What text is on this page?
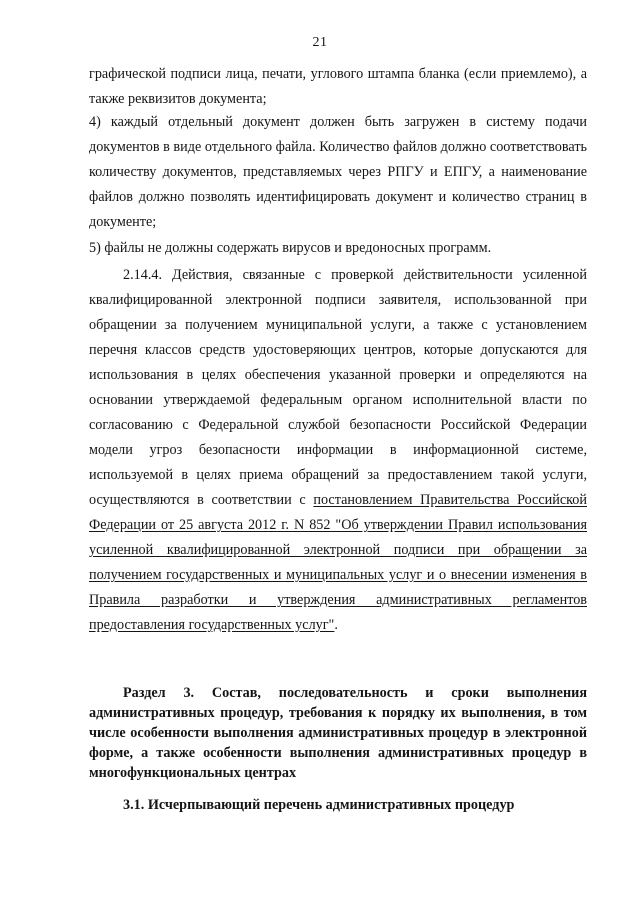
21
графической подписи лица, печати, углового штампа бланка (если приемлемо), а также реквизитов документа;
4) каждый отдельный документ должен быть загружен в систему подачи документов в виде отдельного файла. Количество файлов должно соответствовать количеству документов, представляемых через РПГУ и ЕПГУ, а наименование файлов должно позволять идентифицировать документ и количество страниц в документе;
5) файлы не должны содержать вирусов и вредоносных программ.
2.14.4. Действия, связанные с проверкой действительности усиленной квалифицированной электронной подписи заявителя, использованной при обращении за получением муниципальной услуги, а также с установлением перечня классов средств удостоверяющих центров, которые допускаются для использования в целях обеспечения указанной проверки и определяются на основании утверждаемой федеральным органом исполнительной власти по согласованию с Федеральной службой безопасности Российской Федерации модели угроз безопасности информации в информационной системе, используемой в целях приема обращений за предоставлением такой услуги, осуществляются в соответствии с постановлением Правительства Российской Федерации от 25 августа 2012 г. N 852 "Об утверждении Правил использования усиленной квалифицированной электронной подписи при обращении за получением государственных и муниципальных услуг и о внесении изменения в Правила разработки и утверждения административных регламентов предоставления государственных услуг".
Раздел 3. Состав, последовательность и сроки выполнения административных процедур, требования к порядку их выполнения, в том числе особенности выполнения административных процедур в электронной форме, а также особенности выполнения административных процедур в многофункциональных центрах
3.1. Исчерпывающий перечень административных процедур
